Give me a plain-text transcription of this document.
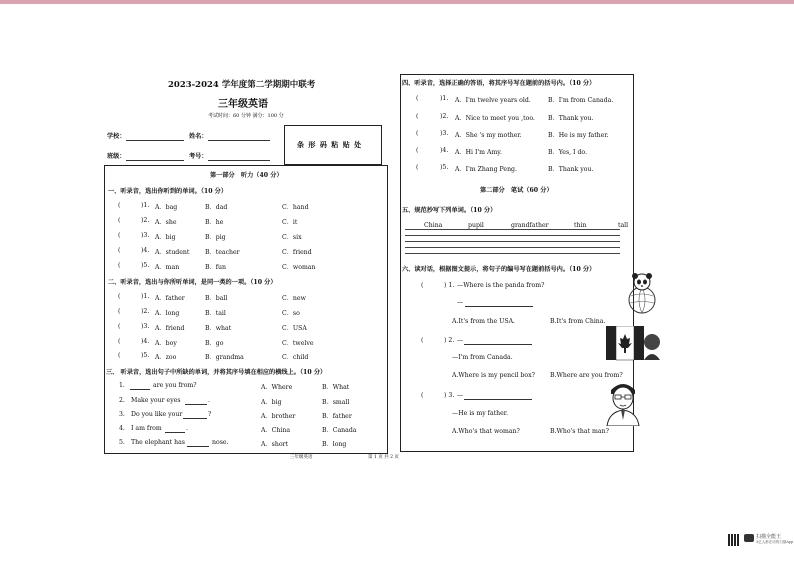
2023-2024 学年度第二学期期中联考
三年级英语
考试时间：60 分钟 满分：100 分
学校：	姓名：
班级：	考号：
条 形 码 粘 贴 处
第一部分　听力（40 分）
一、听录音，选出你听到的单词。（10 分）
(	)1. A．bag	B．dad	C．hand
(	)2. A．she	B．he	C．it
(	)3. A．big	B．pig	C．six
(	)4. A．student	B．teacher	C．friend
(	)5. A．man	B．fun	C．woman
二、听录音，选出与你所听单词，是同一类的一项。（10 分）
(	)1. A．father	B．ball	C．new
(	)2. A．long	B．tail	C．so
(	)3. A．friend	B．what	C．USA
(	)4. A．boy	B．go	C．twelve
(	)5. A．zoo	B．grandma	C．child
三、 听录音，选出句子中所缺的单词，并将其序号填在相应的横线上。（10 分）
1.	are you from?	A．Where	B．What
2. Make your eyes	.	A．big	B．small
3. Do you like your	?	A．brother	B．father
4. I am from	.	A．China	B．Canada
5. The elephant has	nose.	A．short	B．long
四、听录音，选择正确的答语，将其序号写在题前的括号内。（10 分）
(	)1. A．I'm twelve years old.	B．I'm from Canada.
(	)2. A．Nice to meet you ,too. B．Thank you.
(	)3. A．She 's my mother.	B．He is my father.
(	)4. A．Hi I'm Amy.	B．Yes, I do.
(	)5. A．I'm Zhang Peng.	B．Thank you.
第二部分　笔试（60 分）
五、规范抄写下列单词。（10 分）
China	pupil	grandfather	thin	tall
六、读对话，根据图文提示，将句子的编号写在题前括号内。（10 分）
(	) 1. —Where is the panda from?
—
A.It's from the USA.	B.It's from China.
(	) 2. —
—I'm from Canada.
A.Where is my pencil box? B.Where are you from?
(	) 3. —
—He is my father.
A.Who's that woman?	B.Who's that man?
三年级英语	第 1 页 共 2 页
扫描全能王
3亿人都在用的扫描App
